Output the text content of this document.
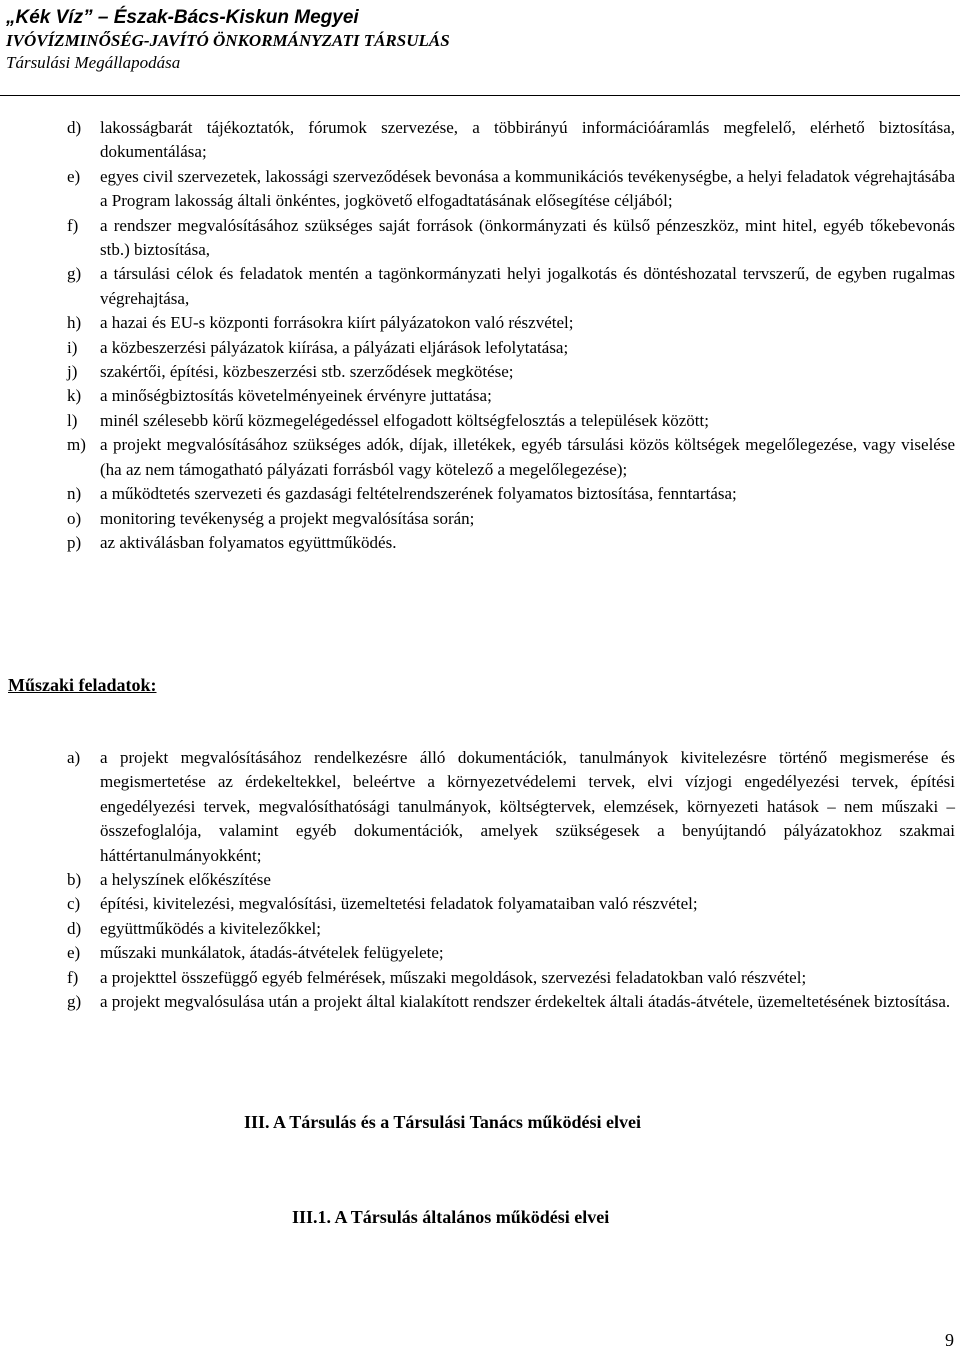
„Kék Víz” – Észak-Bács-Kiskun Megyei
IVÓVÍZMINŐSÉG-JAVÍTÓ ÖNKORMÁNYZATI TÁRSULÁS
Társulási Megállapodása
d)	lakosságbarát tájékoztatók, fórumok szervezése, a többirányú információáramlás megfelelő, elérhető biztosítása, dokumentálása;
e)	egyes civil szervezetek, lakossági szerveződések bevonása a kommunikációs tevékenységbe, a helyi feladatok végrehajtásába a Program lakosság általi önkéntes, jogkövető elfogadtatásának elősegítése céljából;
f)	a rendszer megvalósításához szükséges saját források (önkormányzati és külső pénzeszköz, mint hitel, egyéb tőkebevonás stb.) biztosítása,
g)	a társulási célok és feladatok mentén a tagönkormányzati helyi jogalkotás és döntéshozatal tervszerű, de egyben rugalmas végrehajtása,
h)	a hazai és EU-s központi forrásokra kiírt pályázatokon való részvétel;
i)	a közbeszerzési pályázatok kiírása, a pályázati eljárások lefolytatása;
j)	szakértői, építési, közbeszerzési stb. szerződések megkötése;
k)	a minőségbiztosítás követelményeinek érvényre juttatása;
l)	minél szélesebb körű közmegelégedéssel elfogadott költségfelosztás a települések között;
m) a projekt megvalósításához szükséges adók, díjak, illetékek, egyéb társulási közös költségek megelőlegezése, vagy viselése (ha az nem támogatható pályázati forrásból vagy kötelező a megelőlegezése);
n)	a működtetés szervezeti és gazdasági feltételrendszerének folyamatos biztosítása, fenntartása;
o)	monitoring tevékenység a projekt megvalósítása során;
p)	az aktiválásban folyamatos együttműködés.
Műszaki feladatok:
a)	a projekt megvalósításához rendelkezésre álló dokumentációk, tanulmányok kivitelezésre történő megismerése és megismertetése az érdekeltekkel, beleértve a környezetvédelemi tervek, elvi vízjogi engedélyezési tervek, építési engedélyezési tervek, megvalósíthatósági tanulmányok, költségtervek, elemzések, környezeti hatások – nem műszaki – összefoglalója, valamint egyéb dokumentációk, amelyek szükségesek a benyújtandó pályázatokhoz szakmai háttértanulmányokként;
b)	a helyszínek előkészítése
c)	építési, kivitelezési, megvalósítási, üzemeltetési feladatok folyamataiban való részvétel;
d)	együttműködés a kivitelezőkkel;
e)	műszaki munkálatok, átadás-átvételek felügyelete;
f)	a projekttel összefüggő egyéb felmérések, műszaki megoldások, szervezési feladatokban való részvétel;
g)	a projekt megvalósulása után a projekt által kialakított rendszer érdekeltek általi átadás-átvétele, üzemeltetésének biztosítása.
III. A Társulás és a Társulási Tanács működési elvei
III.1. A Társulás általános működési elvei
9
